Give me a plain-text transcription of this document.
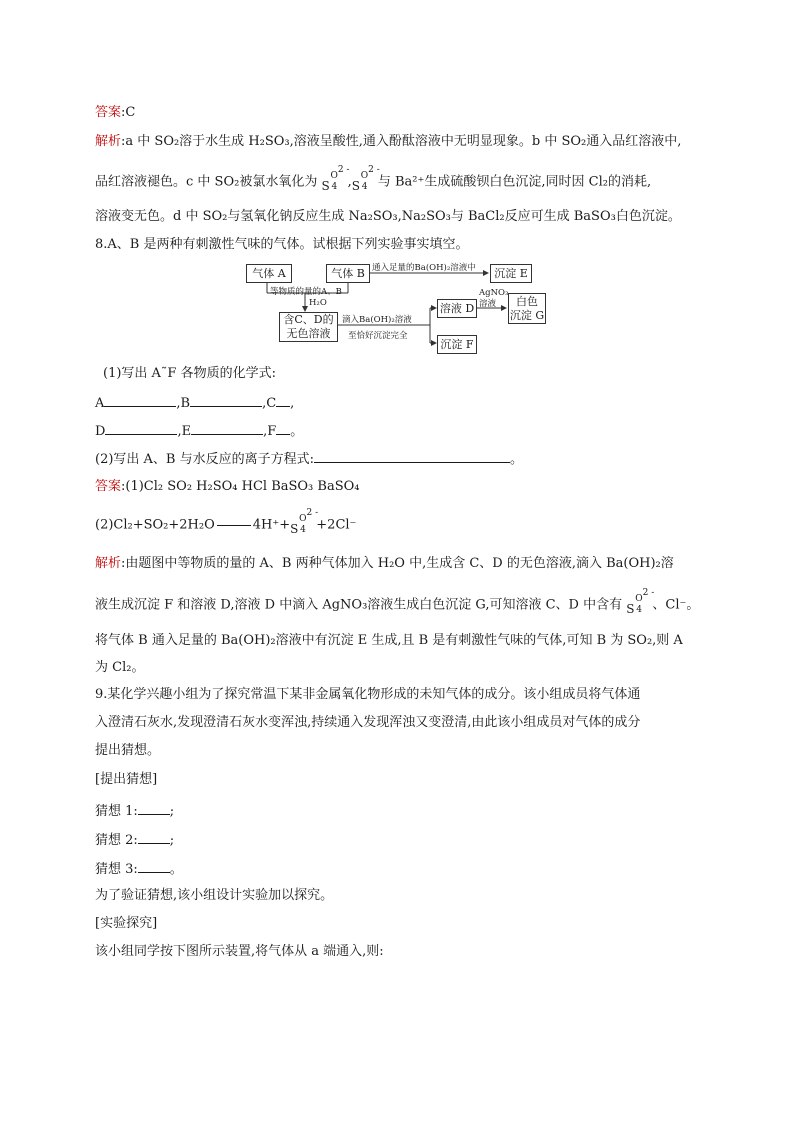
答案:C
解析:a 中 SO₂溶于水生成 H₂SO₃,溶液呈酸性,通入酚酞溶液中无明显现象。b 中 SO₂通入品红溶液中,
品红溶液褪色。c 中 SO₂被氯水氧化为 S
$O^{2 -}$
4 , S
$O^{2 -}$
4 与 Ba²⁺生成硫酸钡白色沉淀,同时因 Cl₂的消耗,
溶液变无色。d 中 SO₂与氢氧化钠反应生成 Na₂SO₃,Na₂SO₃与 BaCl₂反应可生成 BaSO₃白色沉淀。
8.A、B 是两种有刺激性气味的气体。试根据下列实验事实填空。
气体 A	气体 B	沉淀 E
含C、D的
无色溶液
溶液 D
白色
沉淀 G
沉淀 F
通入足量的Ba(OH)₂溶液中
等物质的量的A、B
H₂O
滴入Ba(OH)₂溶液
至恰好沉淀完全
AgNO₃
溶液
(1)写出 A˜F 各物质的化学式:
A	,B	,C ,
D	,E	,F 。
(2)写出 A、B 与水反应的离子方程式:	。
答案:(1)Cl₂ SO₂ H₂SO₄ HCl BaSO₃ BaSO₄
(2)Cl₂+SO₂+2H₂O	4H⁺+ S
$O^{2 -}$
4 +2Cl⁻
解析:由题图中等物质的量的 A、B 两种气体加入 H₂O 中,生成含 C、D 的无色溶液,滴入 Ba(OH)₂溶
液生成沉淀 F 和溶液 D,溶液 D 中滴入 AgNO₃溶液生成白色沉淀 G,可知溶液 C、D 中含有 S
$O^{2 -}$
4 、Cl⁻。
将气体 B 通入足量的 Ba(OH)₂溶液中有沉淀 E 生成,且 B 是有刺激性气味的气体,可知 B 为 SO₂,则 A
为 Cl₂。
9.某化学兴趣小组为了探究常温下某非金属氧化物形成的未知气体的成分。该小组成员将气体通
入澄清石灰水,发现澄清石灰水变浑浊,持续通入发现浑浊又变澄清,由此该小组成员对气体的成分
提出猜想。
[提出猜想]
猜想 1: ;
猜想 2: ;
猜想 3: 。
为了验证猜想,该小组设计实验加以探究。
[实验探究]
该小组同学按下图所示装置,将气体从 a 端通入,则:
